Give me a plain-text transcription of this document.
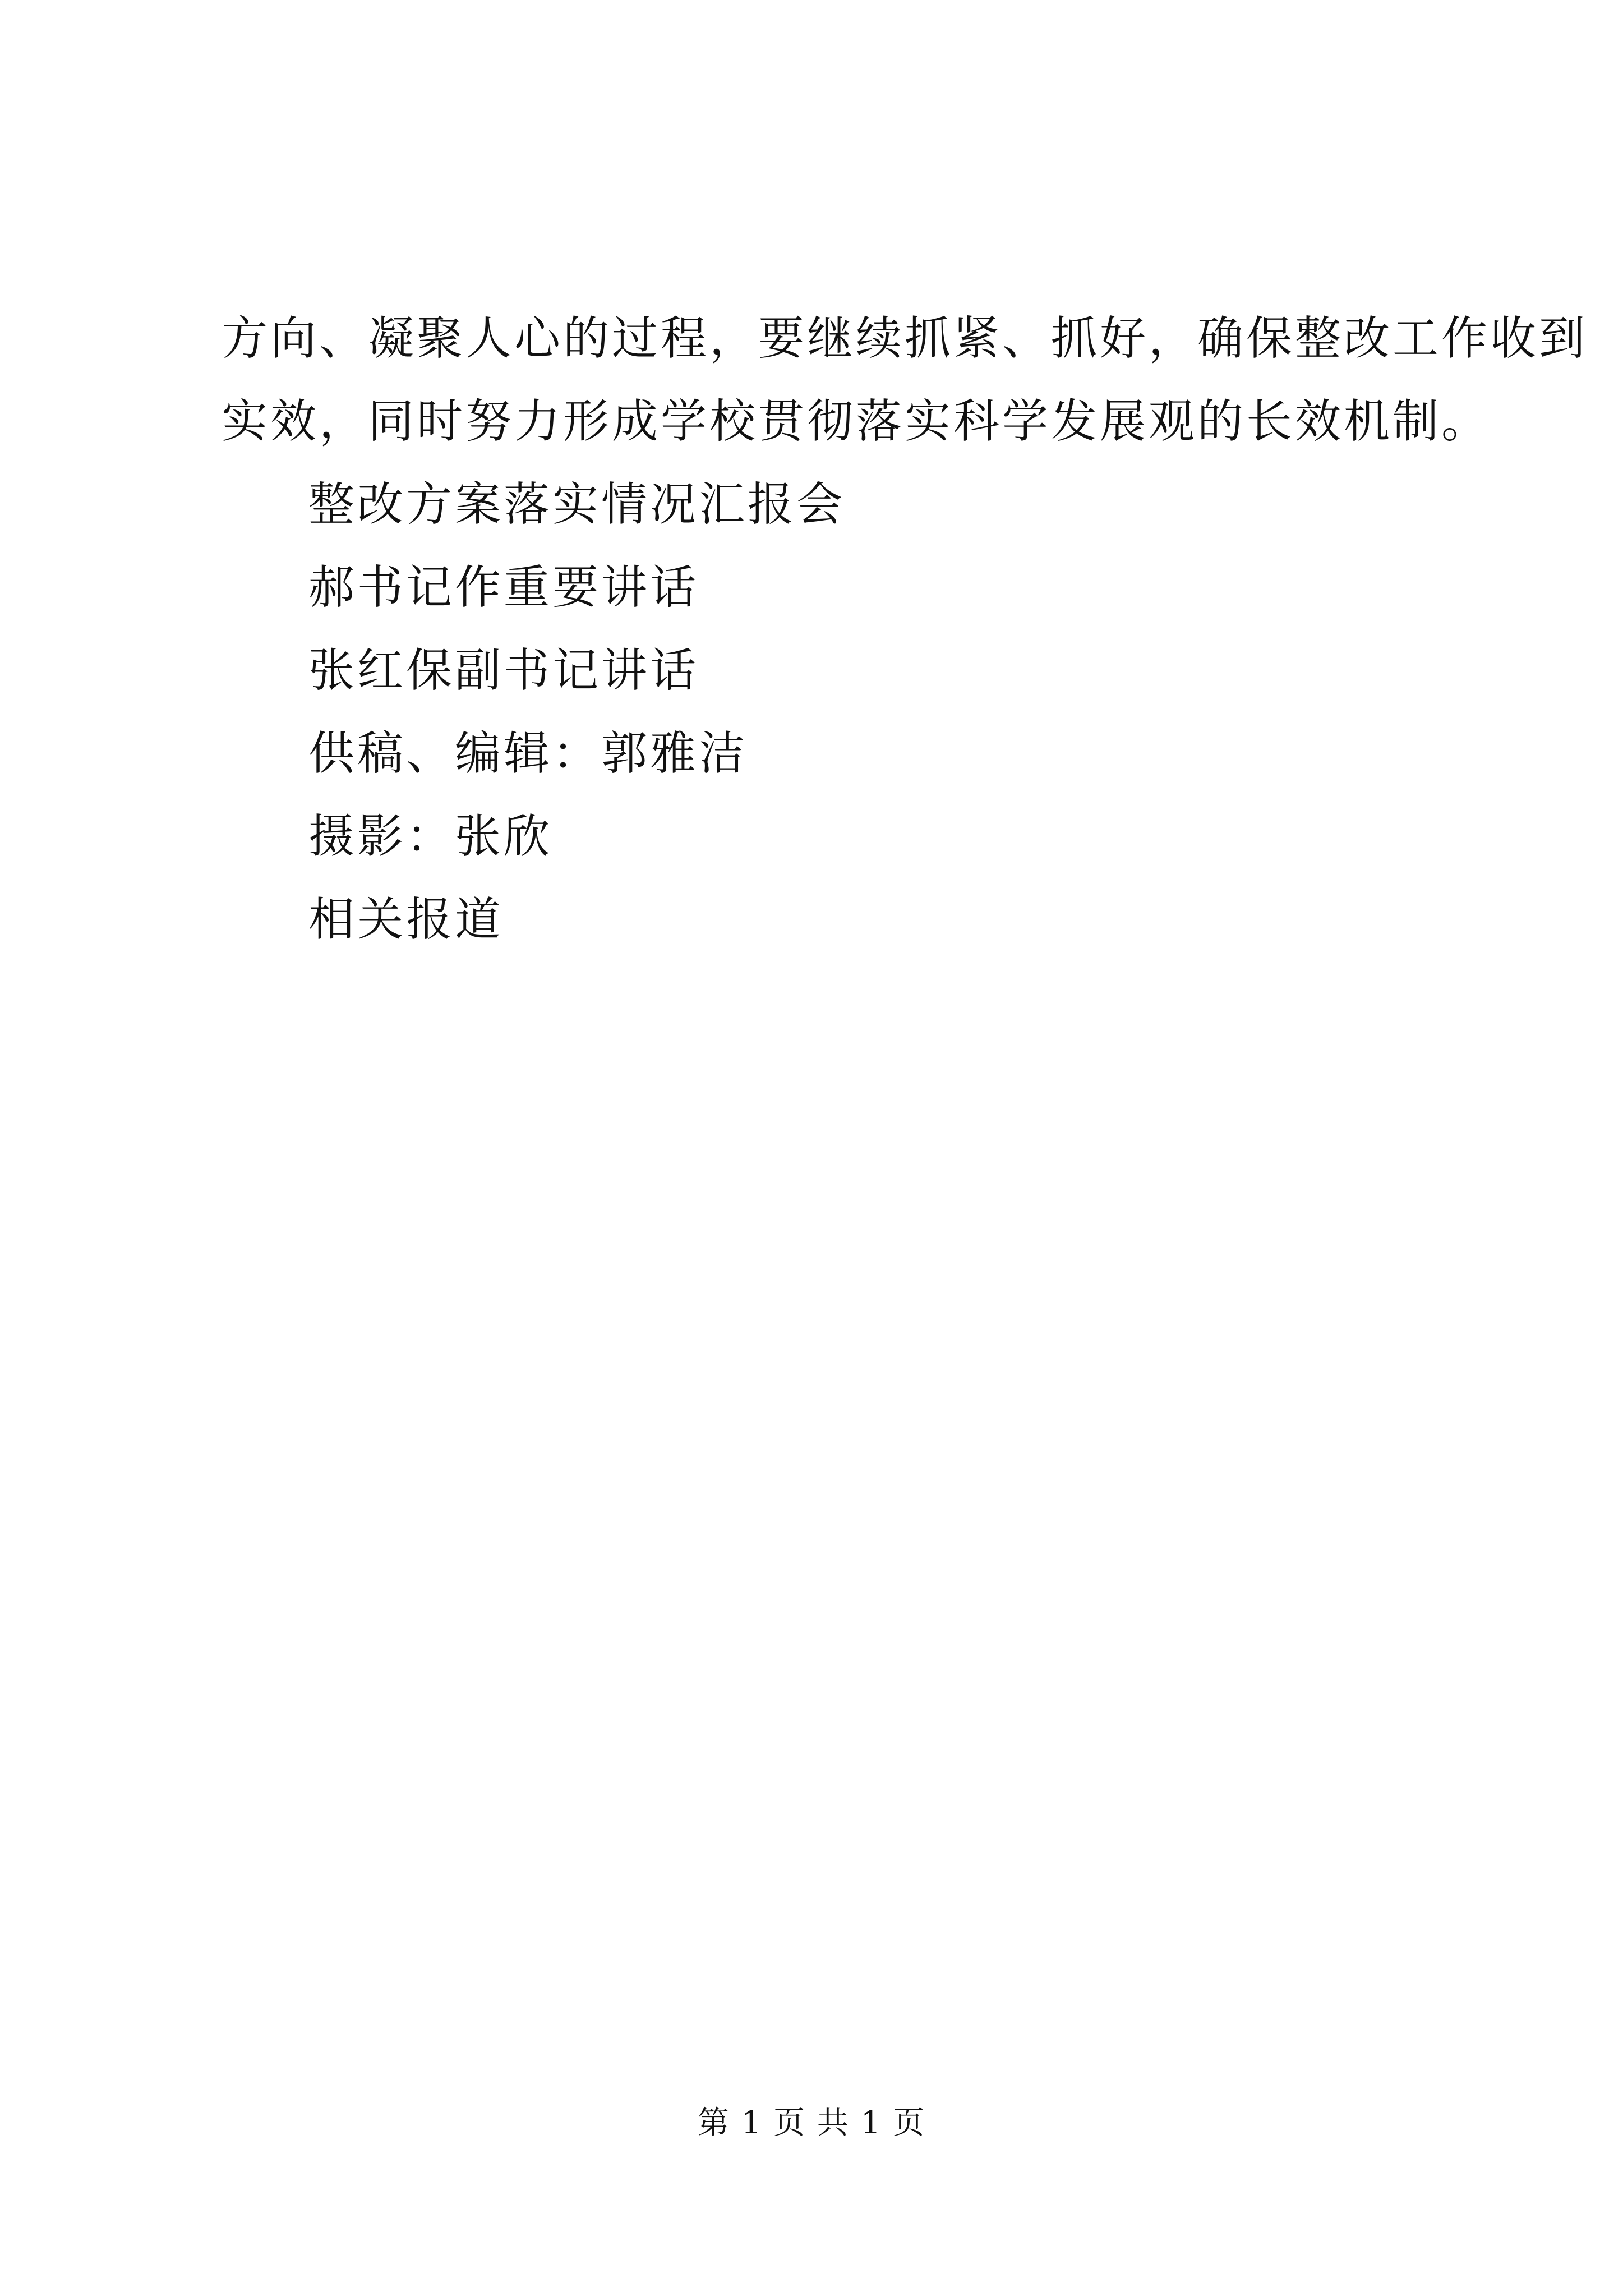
方向、凝聚人心的过程，要继续抓紧、抓好，确保整改工作收到

实效，同时努力形成学校贯彻落实科学发展观的长效机制。

整改方案落实情况汇报会

郝书记作重要讲话

张红保副书记讲话

供稿、编辑：郭雅洁

摄影：张欣

相关报道

第 1 页 共 1 页
